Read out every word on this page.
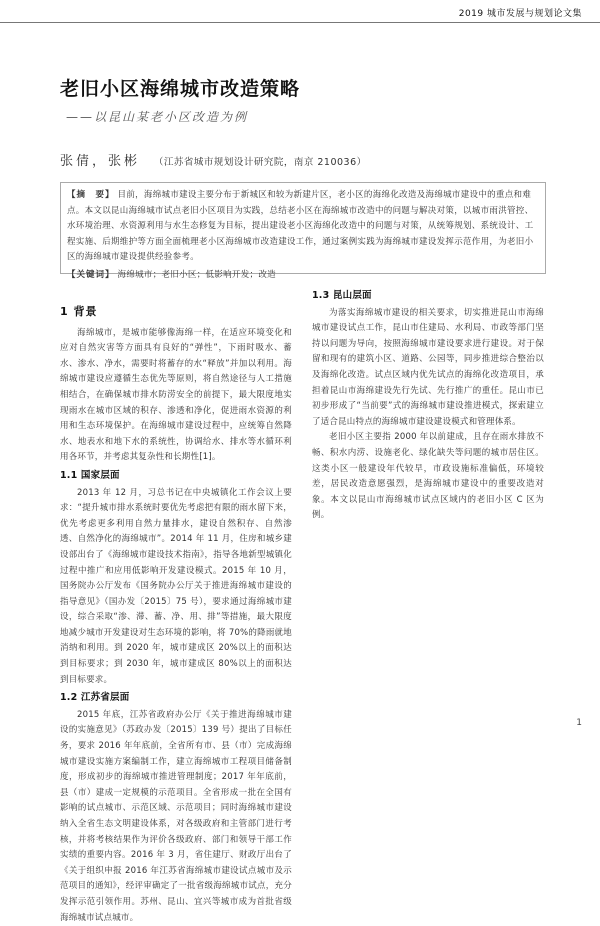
2019 城市发展与规划论文集
老旧小区海绵城市改造策略
——以昆山某老小区改造为例
张倩，张彬 （江苏省城市规划设计研究院，南京 210036）
【摘　要】 目前，海绵城市建设主要分布于新城区和较为新建片区，老小区的海绵化改造及海绵城市建设中的重点和难点。本文以昆山海绵城市试点老旧小区项目为实践，总结老小区在海绵城市改造中的问题与解决对策，以城市雨洪管控、水环境治理、水资源利用与水生态修复为目标，提出建设老小区海绵化改造中的问题与对策，从统筹规划、系统设计、工程实施、后期维护等方面全面梳理老小区海绵城市改造建设工作，通过案例实践为海绵城市建设发挥示范作用，为老旧小区的海绵城市建设提供经验参考。
【关键词】 海绵城市；老旧小区；低影响开发；改造
1 背景

海绵城市，是城市能够像海绵一样，在适应环境变化和应对自然灾害等方面具有良好的“弹性”，下雨时吸水、蓄水、渗水、净水，需要时将蓄存的水“释放”并加以利用。海绵城市建设应遵循生态优先等原则，将自然途径与人工措施相结合，在确保城市排水防涝安全的前提下，最大限度地实现雨水在城市区域的积存、渗透和净化，促进雨水资源的利用和生态环境保护。在海绵城市建设过程中，应统筹自然降水、地表水和地下水的系统性，协调给水、排水等水循环利用各环节，并考虑其复杂性和长期性[1]。

1.1 国家层面

2013 年 12 月，习总书记在中央城镇化工作会议上要求：“提升城市排水系统时要优先考虑把有限的雨水留下来，优先考虑更多利用自然力量排水，建设自然积存、自然渗透、自然净化的海绵城市”。2014 年 11 月，住房和城乡建设部出台了《海绵城市建设技术指南》，指导各地新型城镇化过程中推广和应用低影响开发建设模式。2015 年 10 月，国务院办公厅发布《国务院办公厅关于推进海绵城市建设的指导意见》（国办发〔2015〕75 号），要求通过海绵城市建设，综合采取“渗、滞、蓄、净、用、排”等措施，最大限度地减少城市开发建设对生态环境的影响，将 70%的降雨就地消纳和利用。到 2020 年，城市建成区 20%以上的面积达到目标要求；到 2030 年，城市建成区 80%以上的面积达到目标要求。

1.2 江苏省层面

2015 年底，江苏省政府办公厅《关于推进海绵城市建设的实施意见》（苏政办发〔2015〕139 号）提出了目标任务，要求 2016 年年底前，全省所有市、县（市）完成海绵城市建设实施方案编制工作，建立海绵城市工程项目储备制度，形成初步的海绵城市推进管理制度；2017 年年底前，县（市）建成一定规模的示范项目。全省形成一批在全国有影响的试点城市、示范区域、示范项目；同时海绵城市建设纳入全省生态文明建设体系，对各级政府和主管部门进行考核，并将考核结果作为评价各级政府、部门和领导干部工作实绩的重要内容。2016 年 3 月，省住建厅、财政厅出台了《关于组织申报 2016 年江苏省海绵城市建设试点城市及示范项目的通知》，经评审确定了一批省级海绵城市试点，充分发挥示范引领作用。苏州、昆山、宜兴等城市成为首批省级海绵城市试点城市。

1.3 昆山层面

为落实海绵城市建设的相关要求，切实推进昆山市海绵城市建设试点工作，昆山市住建局、水利局、市政等部门坚持以问题为导向，按照海绵城市建设要求进行建设。对于保留和现有的建筑小区、道路、公园等，同步推进综合整治以及海绵化改造。试点区域内优先试点的海绵化改造项目，承担着昆山市海绵建设先行先试、先行推广的重任。昆山市已初步形成了“当前要”式的海绵城市建设推进模式，探索建立了适合昆山特点的海绵城市建设建设模式和管理体系。

老旧小区主要指 2000 年以前建成，且存在雨水排放不畅、积水内涝、设施老化、绿化缺失等问题的城市居住区。这类小区一般建设年代较早，市政设施标准偏低，环境较差，居民改造意愿强烈，是海绵城市建设中的重要改造对象。本文以昆山市海绵城市试点区域内的老旧小区 C 区为例。

1
